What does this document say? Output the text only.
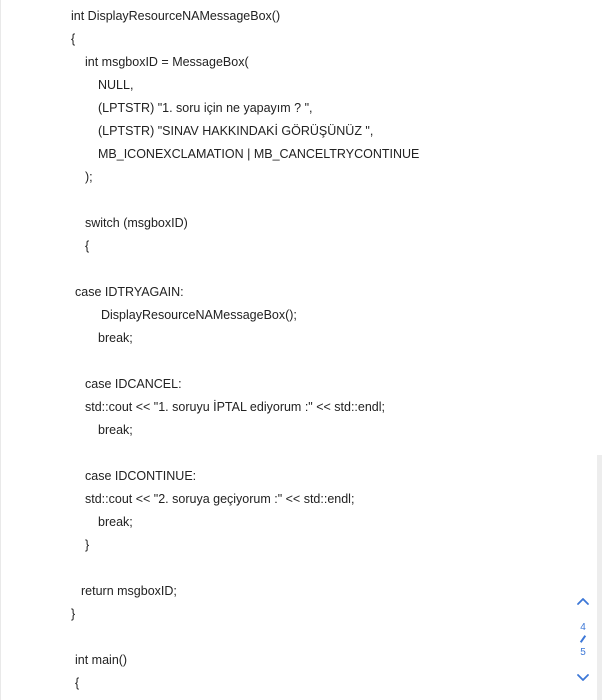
int DisplayResourceNAMessageBox()
{
int msgboxID = MessageBox(
NULL,
(LPTSTR) "1. soru için ne yapayım ? ",
(LPTSTR) "SINAV HAKKINDAKİ GÖRÜŞÜNÜZ ",
MB_ICONEXCLAMATION | MB_CANCELTRYCONTINUE
);
switch (msgboxID)
{
case IDTRYAGAIN:
DisplayResourceNAMessageBox();
break;
case IDCANCEL:
std::cout << "1. soruyu İPTAL ediyorum :" << std::endl;
break;
case IDCONTINUE:
std::cout << "2. soruya geçiyorum :" << std::endl;
break;
}
return msgboxID;
}
int main()
{
4
5
